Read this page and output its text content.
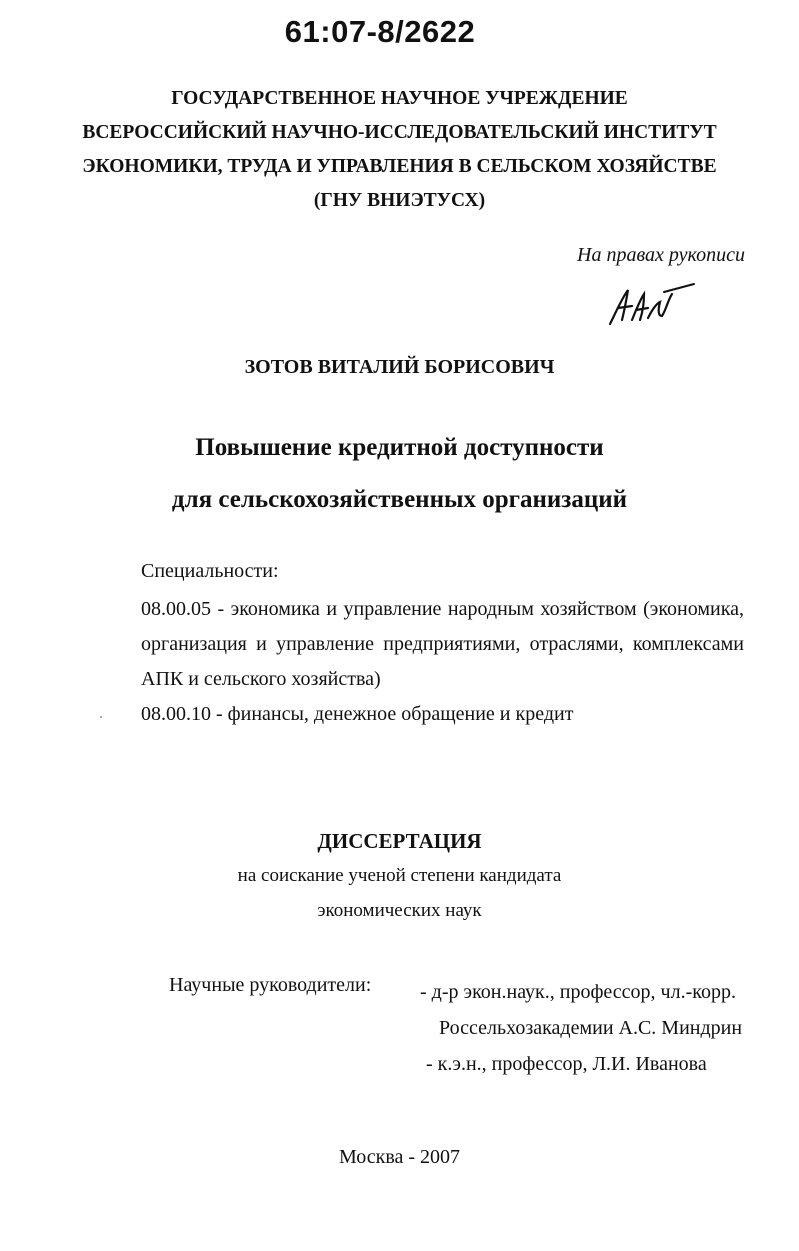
61:07-8/2622
ГОСУДАРСТВЕННОЕ НАУЧНОЕ УЧРЕЖДЕНИЕ
ВСЕРОССИЙСКИЙ НАУЧНО-ИССЛЕДОВАТЕЛЬСКИЙ ИНСТИТУТ
ЭКОНОМИКИ, ТРУДА И УПРАВЛЕНИЯ В СЕЛЬСКОМ ХОЗЯЙСТВЕ
(ГНУ ВНИЭТУСХ)
На правах рукописи
ЗОТОВ ВИТАЛИЙ БОРИСОВИЧ
Повышение кредитной доступности
для сельскохозяйственных организаций
Специальности:
08.00.05 - экономика и управление народным хозяйством (экономика, организация и управление предприятиями, отраслями, комплексами АПК и сельского хозяйства)
08.00.10 - финансы, денежное обращение и кредит
ДИССЕРТАЦИЯ
на соискание ученой степени кандидата
экономических наук
Научные руководители: - д-р экон.наук., профессор, чл.-корр.
Россельхозакадемии А.С. Миндрин
- к.э.н., профессор, Л.И. Иванова
Москва - 2007
